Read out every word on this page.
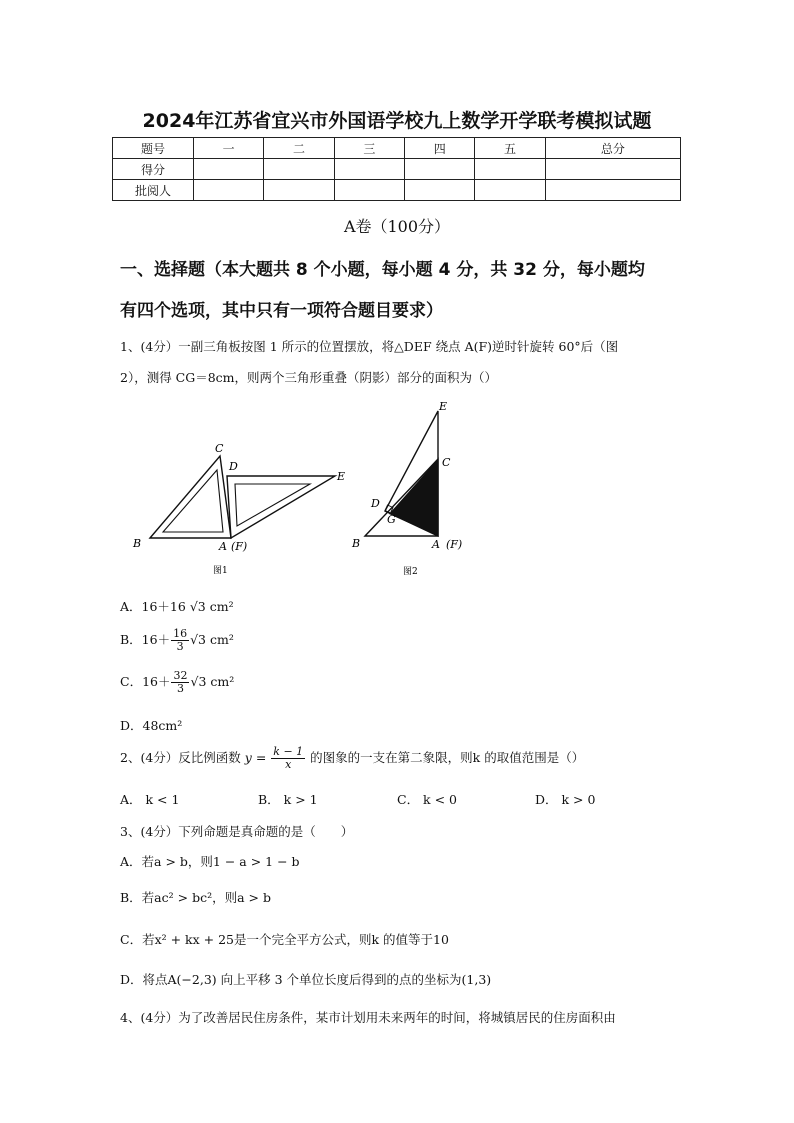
2024年江苏省宜兴市外国语学校九上数学开学联考模拟试题
题号	一	二	三	四	五	总分
得分						
批阅人						
A卷（100分）
一、选择题（本大题共 8 个小题，每小题 4 分，共 32 分，每小题均
有四个选项，其中只有一项符合题目要求）
1、(4分）一副三角板按图 1 所示的位置摆放，将△DEF 绕点 A(F)逆时针旋转 60°后（图
2），测得 CG＝8cm，则两个三角形重叠（阴影）部分的面积为（）
C
D
E
B	A (F)
图1
E
C
D
G
B	A (F)
图2
A．16＋16 √3 cm²
B．$16+ \frac{16}{3} √3$ cm²
C．$16+ \frac{32}{3} √3$ cm²
D．48cm²
2、(4分）反比例函数 $y = \frac{k - 1}{x}$ 的图象的一支在第二象限，则k 的取值范围是（）
A． k < 1	B． k > 1	C． k < 0	D． k > 0
3、(4分）下列命题是真命题的是（　　）
A．若a > b，则1 − a > 1 − b
B．若ac² > bc²，则a > b
C．若x² + kx + 25是一个完全平方公式，则k 的值等于10
D．将点A(−2,3) 向上平移 3 个单位长度后得到的点的坐标为(1,3)
4、(4分）为了改善居民住房条件，某市计划用未来两年的时间，将城镇居民的住房面积由
